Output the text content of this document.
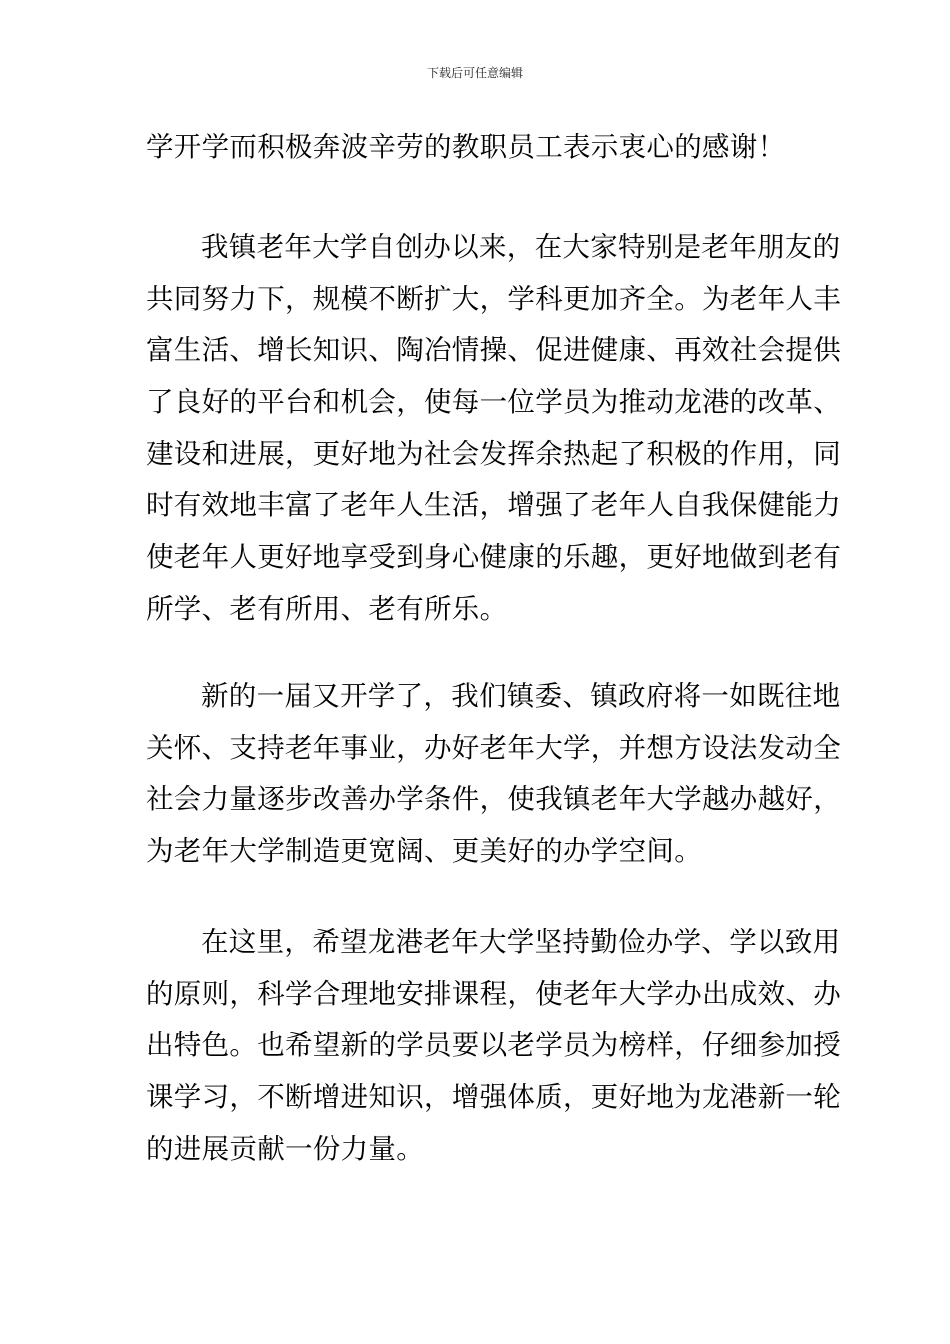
下载后可任意编辑
学开学而积极奔波辛劳的教职员工表示衷心的感谢！
我镇老年大学自创办以来，在大家特别是老年朋友的
共同努力下，规模不断扩大，学科更加齐全。为老年人丰
富生活、增长知识、陶冶情操、促进健康、再效社会提供
了良好的平台和机会，使每一位学员为推动龙港的改革、
建设和进展，更好地为社会发挥余热起了积极的作用，同
时有效地丰富了老年人生活，增强了老年人自我保健能力
使老年人更好地享受到身心健康的乐趣，更好地做到老有
所学、老有所用、老有所乐。
新的一届又开学了，我们镇委、镇政府将一如既往地
关怀、支持老年事业，办好老年大学，并想方设法发动全
社会力量逐步改善办学条件，使我镇老年大学越办越好，
为老年大学制造更宽阔、更美好的办学空间。
在这里，希望龙港老年大学坚持勤俭办学、学以致用
的原则，科学合理地安排课程，使老年大学办出成效、办
出特色。也希望新的学员要以老学员为榜样，仔细参加授
课学习，不断增进知识，增强体质，更好地为龙港新一轮
的进展贡献一份力量。
